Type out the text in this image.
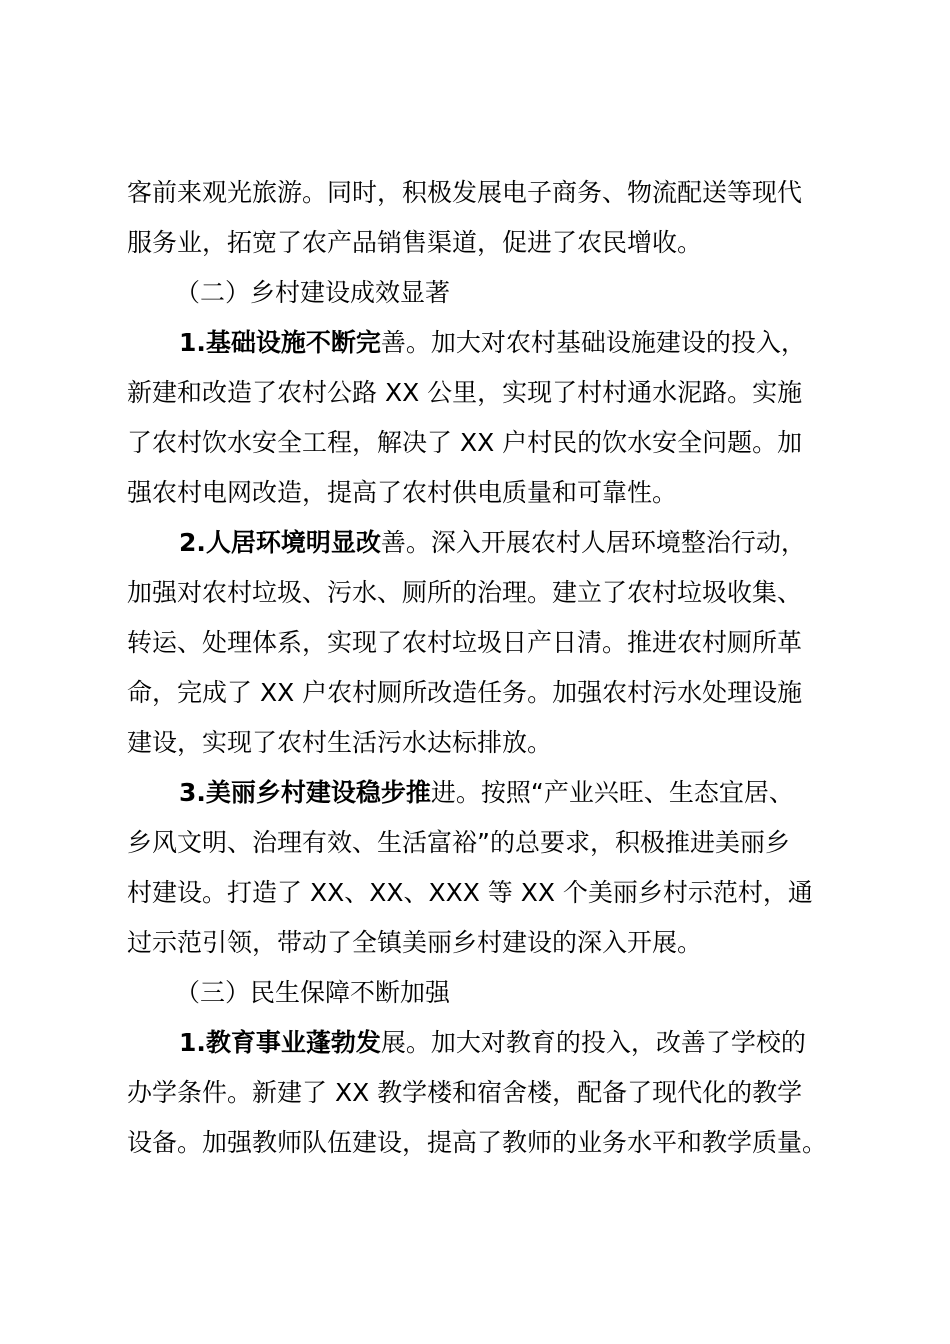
客前来观光旅游。同时，积极发展电子商务、物流配送等现代
服务业，拓宽了农产品销售渠道，促进了农民增收。
（二）乡村建设成效显著
1.基础设施不断完善。加大对农村基础设施建设的投入，
新建和改造了农村公路 XX 公里，实现了村村通水泥路。实施
了农村饮水安全工程，解决了 XX 户村民的饮水安全问题。加
强农村电网改造，提高了农村供电质量和可靠性。
2.人居环境明显改善。深入开展农村人居环境整治行动，
加强对农村垃圾、污水、厕所的治理。建立了农村垃圾收集、
转运、处理体系，实现了农村垃圾日产日清。推进农村厕所革
命，完成了 XX 户农村厕所改造任务。加强农村污水处理设施
建设，实现了农村生活污水达标排放。
3.美丽乡村建设稳步推进。按照“产业兴旺、生态宜居、
乡风文明、治理有效、生活富裕”的总要求，积极推进美丽乡
村建设。打造了 XX、XX、XXX 等 XX 个美丽乡村示范村，通
过示范引领，带动了全镇美丽乡村建设的深入开展。
（三）民生保障不断加强
1.教育事业蓬勃发展。加大对教育的投入，改善了学校的
办学条件。新建了 XX 教学楼和宿舍楼，配备了现代化的教学
设备。加强教师队伍建设，提高了教师的业务水平和教学质量。
